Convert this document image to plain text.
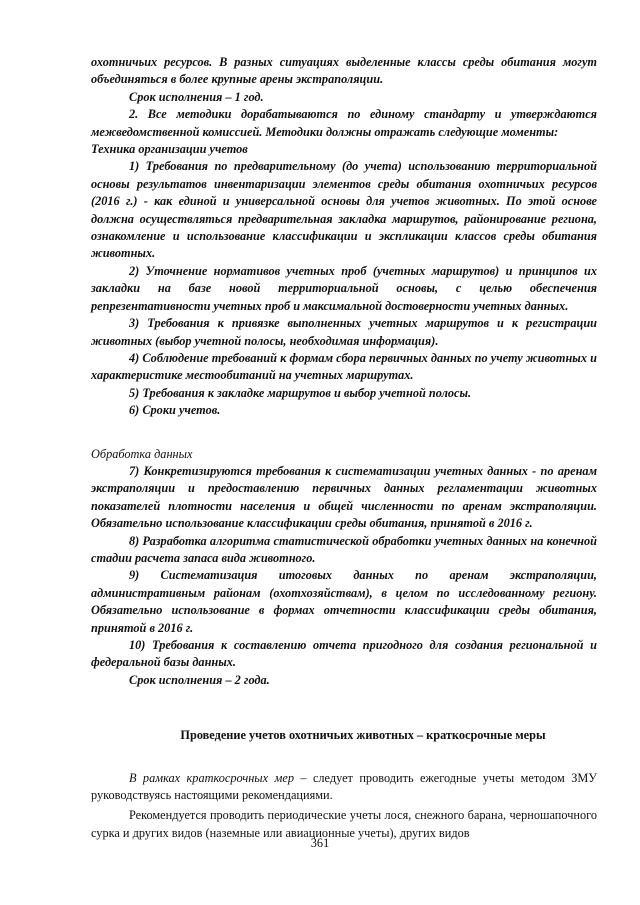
охотничьих ресурсов. В разных ситуациях выделенные классы среды обитания могут объединяться в более крупные арены экстраполяции.

Срок исполнения – 1 год.

2. Все методики дорабатываются по единому стандарту и утверждаются межведомственной комиссией. Методики должны отражать следующие моменты:

Техника организации учетов

1) Требования по предварительному (до учета) использованию территориальной основы результатов инвентаризации элементов среды обитания охотничьих ресурсов (2016 г.) - как единой и универсальной основы для учетов животных. По этой основе должна осуществляться предварительная закладка маршрутов, районирование региона, ознакомление и использование классификации и экспликации классов среды обитания животных.

2) Уточнение нормативов учетных проб (учетных маршрутов) и принципов их закладки на базе новой территориальной основы, с целью обеспечения репрезентативности учетных проб и максимальной достоверности учетных данных.

3) Требования к привязке выполненных учетных маршрутов и к регистрации животных (выбор учетной полосы, необходимая информация).

4) Соблюдение требований к формам сбора первичных данных по учету животных и характеристике местообитаний на учетных маршрутах.

5) Требования к закладке маршрутов и выбор учетной полосы.

6) Сроки учетов.

Обработка данных

7) Конкретизируются требования к систематизации учетных данных - по аренам экстраполяции и предоставлению первичных данных регламентации животных показателей плотности населения и общей численности по аренам экстраполяции. Обязательно использование классификации среды обитания, принятой в 2016 г.

8) Разработка алгоритма статистической обработки учетных данных на конечной стадии расчета запаса вида животного.

9) Систематизация итоговых данных по аренам экстраполяции, административным районам (охотхозяйствам), в целом по исследованному региону. Обязательно использование в формах отчетности классификации среды обитания, принятой в 2016 г.

10) Требования к составлению отчета пригодного для создания региональной и федеральной базы данных.

Срок исполнения – 2 года.

Проведение учетов охотничьих животных – краткосрочные меры

В рамках краткосрочных мер – следует проводить ежегодные учеты методом ЗМУ руководствуясь настоящими рекомендациями.

Рекомендуется проводить периодические учеты лося, снежного барана, черношапочного сурка и других видов (наземные или авиационные учеты), других видов

361
